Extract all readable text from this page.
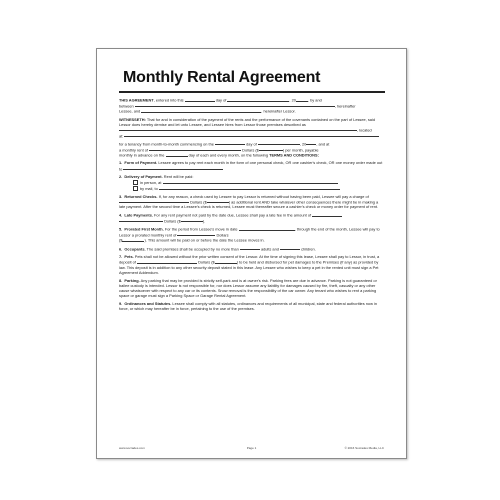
Monthly Rental Agreement

THIS AGREEMENT, entered into this	day of	, 20	, by and
between	, hereinafter
Lessee, and	, hereinafter Lessor.

WITNESSETH: That for and in consideration of the payment of the rents and the performance of the covenants contained on the part of Lessee, said Lessor does hereby demise and let unto Lessee, and Lessee hires from Lessor those premises described as
, located
at:

for a tenancy from month-to-month commencing on the	day of	, 20	, and at
a monthly rent of	Dollars ($	) per month, payable
monthly in advance on the	day of each and every month, on the following TERMS AND CONDITIONS:

1.  Form of Payment. Lessee agrees to pay rent each month in the form of one personal check, OR one cashier's check, OR one money order made out to

2.  Delivery of Payment. Rent will be paid:
in person, at
by mail, to

3.  Returned Checks. If, for any reason, a check used by Lessee to pay Lessor is returned without having been paid, Lessee will pay a charge of  Dollars ($	) as additional rent AND take whatever other consequences there might be in making a late payment. After the second time a Lessee's check is returned, Lessee must thereafter secure a cashier's check or money order for payment of rent.

4.  Late Payments. For any rent payment not paid by the date due, Lessee shall pay a late fee in the amount of
Dollars ($	).

5.  Prorated First Month. For the period from Lessee's move in date	, through the end of the month, Lessee will pay to Lessor a prorated monthly rent of	Dollars
($	). This amount will be paid on or before the date the Lessee moves in.

6.  Occupants. The said premises shall be occupied by no more than	adults and	children.

7.  Pets. Pets shall not be allowed without the prior written consent of the Lessor. At the time of signing this lease, Lessee shall pay to Lessor, in trust, a deposit of	Dollars ($	) to be held and disbursed for pet damages to the Premises (if any) as provided by law. This deposit is in addition to any other security deposit stated in this lease. Any Lessee who wishes to keep a pet in the rented unit must sign a Pet Agreement Addendum.

8.  Parking. Any parking that may be provided is strictly self-park and is at owner's risk. Parking fees are due in advance. Parking is not guaranteed or bailee custody is intended. Lessor is not responsible for, nor does Lessor assume any liability for damages caused by fire, theft, casualty or any other cause whatsoever with respect to any car or its contents. Snow removal is the responsibility of the car owner. Any tenant who wishes to rent a parking space or garage must sign a Parking Space or Garage Rental Agreement.

9.  Ordinances and Statutes. Lessee shall comply with all statutes, ordinances and requirements of all municipal, state and federal authorities now in force, or which may hereafter be in force, pertaining to the use of the premises.

www.socrades.com	Page 1	© 2016 Socrades Media, LLC
